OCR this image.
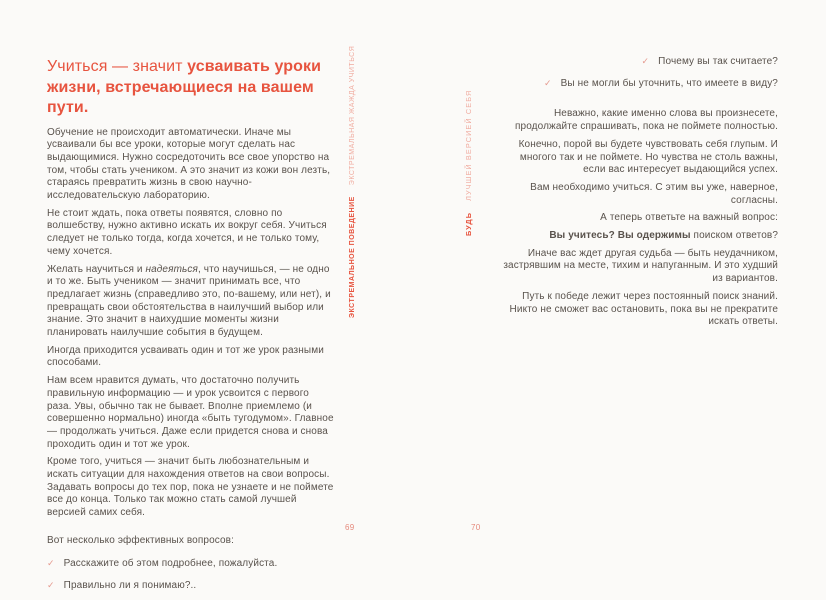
Учиться — значит усваивать уроки жизни, встречающиеся на вашем пути.

Обучение не происходит автоматически. Иначе мы усваивали бы все уроки, которые могут сделать нас выдающимися. Нужно сосредоточить все свое упорство на том, чтобы стать учеником. А это значит из кожи вон лезть, стараясь превратить жизнь в свою научно-исследовательскую лабораторию.

Не стоит ждать, пока ответы появятся, словно по волшебству, нужно активно искать их вокруг себя. Учиться следует не только тогда, когда хочется, и не только тому, чему хочется.

Желать научиться и надеяться, что научишься, — не одно и то же. Быть учеником — значит принимать все, что предлагает жизнь (справедливо это, по-вашему, или нет), и превращать свои обстоятельства в наилучший выбор или знание. Это значит в наихудшие моменты жизни планировать наилучшие события в будущем.

Иногда приходится усваивать один и тот же урок разными способами.

Нам всем нравится думать, что достаточно получить правильную информацию — и урок усвоится с первого раза. Увы, обычно так не бывает. Вполне приемлемо (и совершенно нормально) иногда «быть тугодумом». Главное — продолжать учиться. Даже если придется снова и снова проходить один и тот же урок.

Кроме того, учиться — значит быть любознательным и искать ситуации для нахождения ответов на свои вопросы. Задавать вопросы до тех пор, пока не узнаете и не поймете все до конца. Только так можно стать самой лучшей версией самих себя.

Вот несколько эффективных вопросов:

✓ Расскажите об этом подробнее, пожалуйста.
✓ Правильно ли я понимаю?..
✓ Почему вы так считаете?
✓ Вы не могли бы уточнить, что имеете в виду?

Неважно, какие именно слова вы произнесете, продолжайте спрашивать, пока не поймете полностью.

Конечно, порой вы будете чувствовать себя глупым. И многого так и не поймете. Но чувства не столь важны, если вас интересует выдающийся успех.

Вам необходимо учиться. С этим вы уже, наверное, согласны.

А теперь ответьте на важный вопрос:

Вы учитесь? Вы одержимы поиском ответов?

Иначе вас ждет другая судьба — быть неудачником, застрявшим на месте, тихим и напуганным. И это худший из вариантов.

Путь к победе лежит через постоянный поиск знаний. Никто не сможет вас остановить, пока вы не прекратите искать ответы.

ЭКСТРЕМАЛЬНОЕ ПОВЕДЕНИЕЭКСТРЕМАЛЬНАЯ ЖАЖДА УЧИТЬСЯ
БУДЬЛУЧШЕЙ ВЕРСИЕЙ СЕБЯ
69	70
